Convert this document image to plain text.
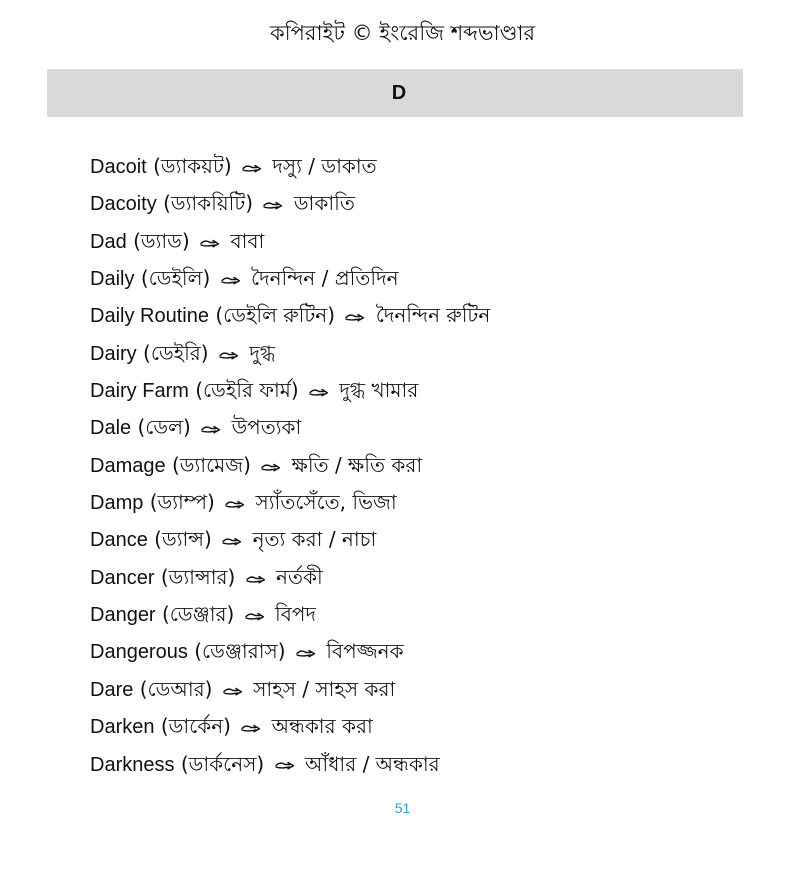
কপিরাইট © ইংরেজি শব্দভাণ্ডার
D
Dacoit (ড্যাকয়ট) দস্যু / ডাকাত
Dacoity (ড্যাকয়িটি) ডাকাতি
Dad (ড্যাড) বাবা
Daily (ডেইলি) দৈনন্দিন / প্রতিদিন
Daily Routine (ডেইলি রুটিন) দৈনন্দিন রুটিন
Dairy (ডেইরি) দুগ্ধ
Dairy Farm (ডেইরি ফার্ম) দুগ্ধ খামার
Dale (ডেল) উপত্যকা
Damage (ড্যামেজ) ক্ষতি / ক্ষতি করা
Damp (ড্যাম্প) স্যাঁতসেঁতে, ভিজা
Dance (ড্যান্স) নৃত্য করা / নাচা
Dancer (ড্যান্সার) নর্তকী
Danger (ডেঞ্জার) বিপদ
Dangerous (ডেঞ্জারাস) বিপজ্জনক
Dare (ডেআর) সাহস / সাহস করা
Darken (ডার্কেন) অন্ধকার করা
Darkness (ডার্কনেস) আঁধার / অন্ধকার
51
